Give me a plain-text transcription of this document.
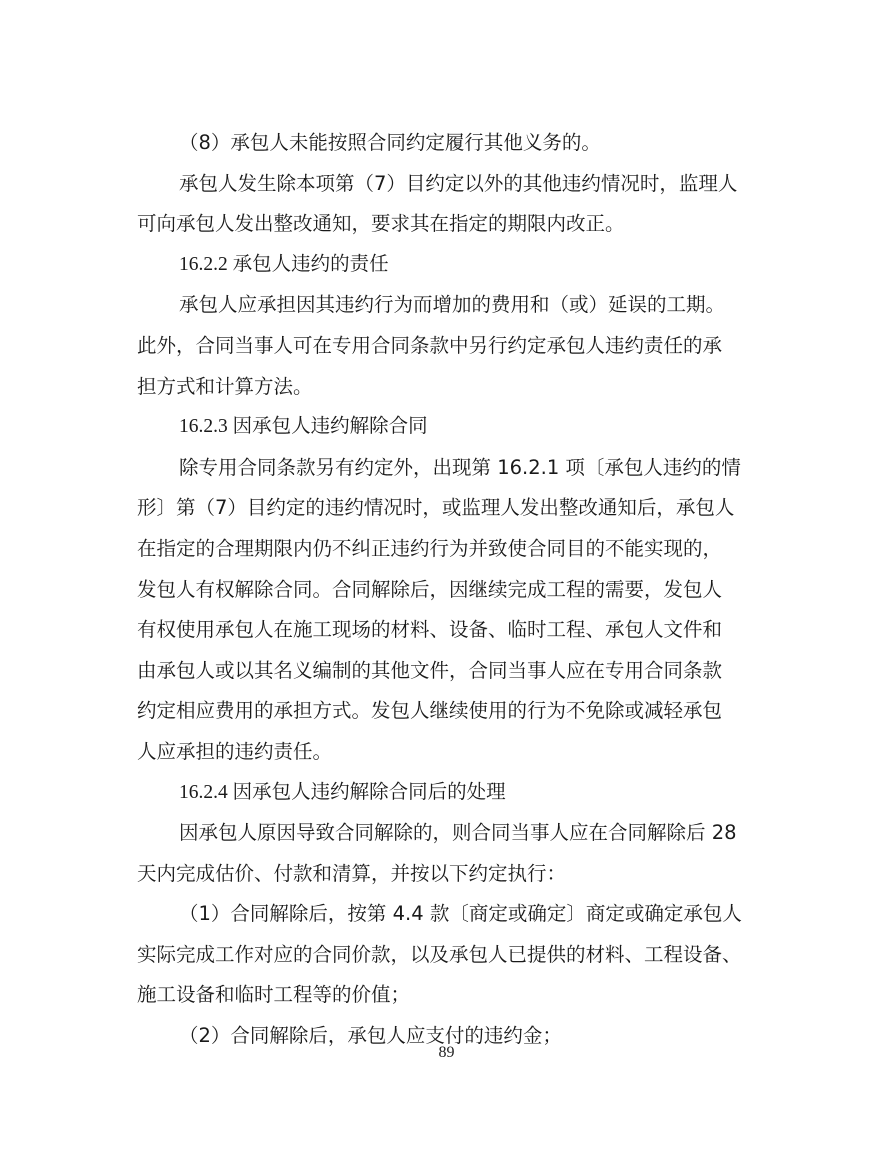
（8）承包人未能按照合同约定履行其他义务的。
承包人发生除本项第（7）目约定以外的其他违约情况时，监理人
可向承包人发出整改通知，要求其在指定的期限内改正。
16.2.2 承包人违约的责任
承包人应承担因其违约行为而增加的费用和（或）延误的工期。
此外，合同当事人可在专用合同条款中另行约定承包人违约责任的承
担方式和计算方法。
16.2.3 因承包人违约解除合同
除专用合同条款另有约定外，出现第 16.2.1 项〔承包人违约的情
形〕第（7）目约定的违约情况时，或监理人发出整改通知后，承包人
在指定的合理期限内仍不纠正违约行为并致使合同目的不能实现的，
发包人有权解除合同。合同解除后，因继续完成工程的需要，发包人
有权使用承包人在施工现场的材料、设备、临时工程、承包人文件和
由承包人或以其名义编制的其他文件，合同当事人应在专用合同条款
约定相应费用的承担方式。发包人继续使用的行为不免除或减轻承包
人应承担的违约责任。
16.2.4 因承包人违约解除合同后的处理
因承包人原因导致合同解除的，则合同当事人应在合同解除后 28
天内完成估价、付款和清算，并按以下约定执行：
（1）合同解除后，按第 4.4 款〔商定或确定〕商定或确定承包人
实际完成工作对应的合同价款，以及承包人已提供的材料、工程设备、
施工设备和临时工程等的价值；
（2）合同解除后，承包人应支付的违约金；
89
